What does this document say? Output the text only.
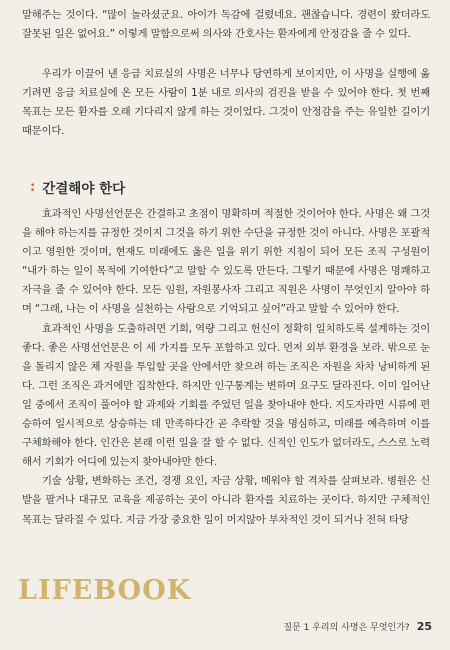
말해주는 것이다. “많이 놀라셨군요. 아이가 독감에 걸렸네요. 괜찮습니다. 경련이 왔더라도 잘못된 일은 없어요.” 이렇게 말함으로써 의사와 간호사는 환자에게 안정감을 줄 수 있다.

우리가 이끌어 낸 응급 치료실의 사명은 너무나 당연하게 보이지만, 이 사명을 실행에 옮기려면 응급 치료실에 온 모든 사람이 1분 내로 의사의 검진을 받을 수 있어야 한다. 첫 번째 목표는 모든 환자를 오래 기다리지 않게 하는 것이었다. 그것이 안정감을 주는 유일한 길이기 때문이다.

: 간결해야 한다

효과적인 사명선언문은 간결하고 초점이 명확하며 적절한 것이어야 한다. 사명은 왜 그것을 해야 하는지를 규정한 것이지 그것을 하기 위한 수단을 규정한 것이 아니다. 사명은 포괄적이고 영원한 것이며, 현재도 미래에도 옳은 일을 위기 위한 지침이 되어 모든 조직 구성원이 “내가 하는 일이 목적에 기여한다”고 말할 수 있도록 만든다. 그렇기 때문에 사명은 명쾌하고 자극을 줄 수 있어야 한다. 모든 임원, 자원봉사자 그리고 직원은 사명이 무엇인지 알아야 하며 “그래, 나는 이 사명을 실천하는 사람으로 기억되고 싶어”라고 말할 수 있어야 한다.

효과적인 사명을 도출하려면 기회, 역량 그리고 헌신이 정확히 일치하도록 설계하는 것이 좋다. 좋은 사명선언문은 이 세 가지를 모두 포함하고 있다. 먼저 외부 환경을 보라. 밖으로 눈을 돌리지 않은 채 자원을 투입할 곳을 안에서만 찾으려 하는 조직은 자원을 차차 낭비하게 된다. 그런 조직은 과거에만 집착한다. 하지만 인구통계는 변하며 요구도 달라진다. 이미 일어난 일 중에서 조직이 풀어야 할 과제와 기회를 주었던 일을 찾아내야 한다. 지도자라면 시류에 편승하여 일시적으로 상승하는 데 만족하다간 곧 추락할 것을 명심하고, 미래를 예측하며 이를 구체화해야 한다. 인간은 본래 이런 일을 잘 할 수 없다. 신적인 인도가 없더라도, 스스로 노력해서 기회가 어디에 있는지 찾아내야만 한다.

기술 상황, 변화하는 조건, 경쟁 요인, 자금 상황, 메워야 할 격차를 살펴보라. 병원은 신발을 팔거나 대규모 교육을 제공하는 곳이 아니라 환자를 치료하는 곳이다. 하지만 구체적인 목표는 달라질 수 있다. 지금 가장 중요한 일이 머지않아 부차적인 것이 되거나 전혀 타당

LIFEBOOK
질문 1 우리의 사명은 무엇인가? 25
